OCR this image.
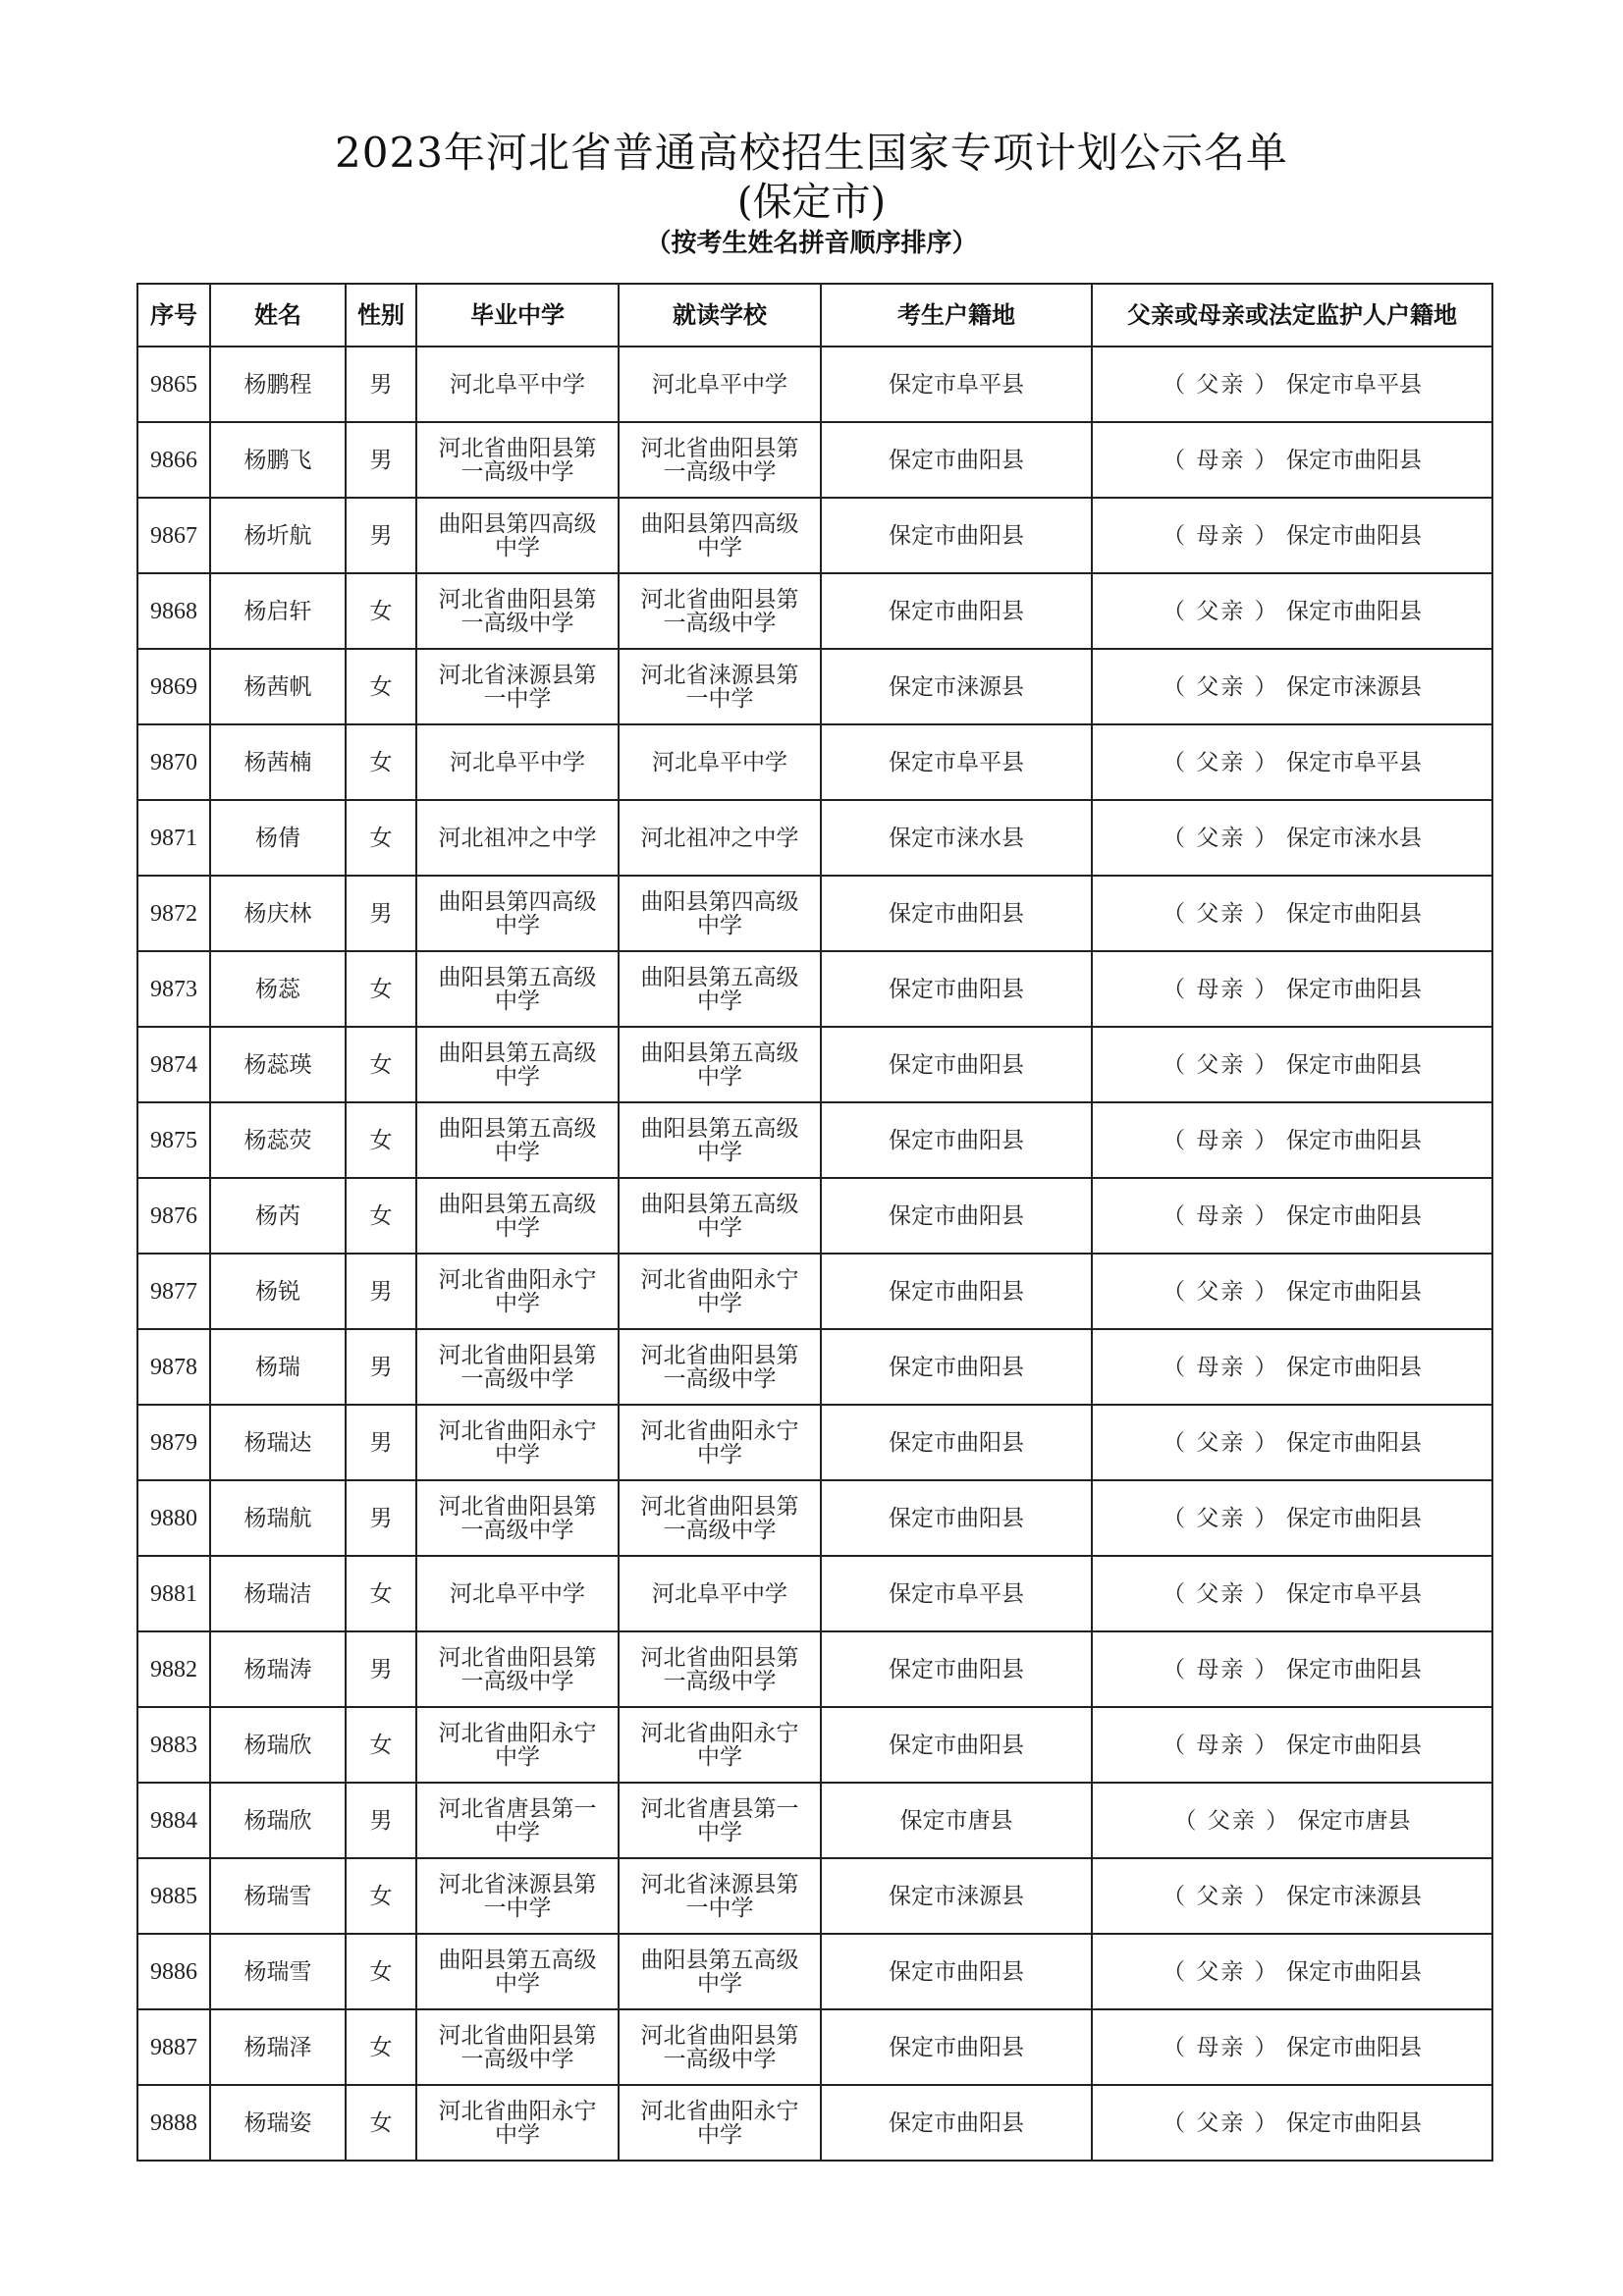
2023年河北省普通高校招生国家专项计划公示名单

(保定市)

（按考生姓名拼音顺序排序）

序号	姓名	性别	毕业中学	就读学校	考生户籍地	父亲或母亲或法定监护人户籍地
9865	杨鹏程	男	河北阜平中学	河北阜平中学	保定市阜平县	（ 父亲 ） 保定市阜平县
9866	杨鹏飞	男	河北省曲阳县第
一高级中学	河北省曲阳县第
一高级中学	保定市曲阳县	（ 母亲 ） 保定市曲阳县
9867	杨圻航	男	曲阳县第四高级
中学	曲阳县第四高级
中学	保定市曲阳县	（ 母亲 ） 保定市曲阳县
9868	杨启轩	女	河北省曲阳县第
一高级中学	河北省曲阳县第
一高级中学	保定市曲阳县	（ 父亲 ） 保定市曲阳县
9869	杨茜帆	女	河北省涞源县第
一中学	河北省涞源县第
一中学	保定市涞源县	（ 父亲 ） 保定市涞源县
9870	杨茜楠	女	河北阜平中学	河北阜平中学	保定市阜平县	（ 父亲 ） 保定市阜平县
9871	杨倩	女	河北祖冲之中学	河北祖冲之中学	保定市涞水县	（ 父亲 ） 保定市涞水县
9872	杨庆林	男	曲阳县第四高级
中学	曲阳县第四高级
中学	保定市曲阳县	（ 父亲 ） 保定市曲阳县
9873	杨蕊	女	曲阳县第五高级
中学	曲阳县第五高级
中学	保定市曲阳县	（ 母亲 ） 保定市曲阳县
9874	杨蕊瑛	女	曲阳县第五高级
中学	曲阳县第五高级
中学	保定市曲阳县	（ 父亲 ） 保定市曲阳县
9875	杨蕊荧	女	曲阳县第五高级
中学	曲阳县第五高级
中学	保定市曲阳县	（ 母亲 ） 保定市曲阳县
9876	杨芮	女	曲阳县第五高级
中学	曲阳县第五高级
中学	保定市曲阳县	（ 母亲 ） 保定市曲阳县
9877	杨锐	男	河北省曲阳永宁
中学	河北省曲阳永宁
中学	保定市曲阳县	（ 父亲 ） 保定市曲阳县
9878	杨瑞	男	河北省曲阳县第
一高级中学	河北省曲阳县第
一高级中学	保定市曲阳县	（ 母亲 ） 保定市曲阳县
9879	杨瑞达	男	河北省曲阳永宁
中学	河北省曲阳永宁
中学	保定市曲阳县	（ 父亲 ） 保定市曲阳县
9880	杨瑞航	男	河北省曲阳县第
一高级中学	河北省曲阳县第
一高级中学	保定市曲阳县	（ 父亲 ） 保定市曲阳县
9881	杨瑞洁	女	河北阜平中学	河北阜平中学	保定市阜平县	（ 父亲 ） 保定市阜平县
9882	杨瑞涛	男	河北省曲阳县第
一高级中学	河北省曲阳县第
一高级中学	保定市曲阳县	（ 母亲 ） 保定市曲阳县
9883	杨瑞欣	女	河北省曲阳永宁
中学	河北省曲阳永宁
中学	保定市曲阳县	（ 母亲 ） 保定市曲阳县
9884	杨瑞欣	男	河北省唐县第一
中学	河北省唐县第一
中学	保定市唐县	（ 父亲 ） 保定市唐县
9885	杨瑞雪	女	河北省涞源县第
一中学	河北省涞源县第
一中学	保定市涞源县	（ 父亲 ） 保定市涞源县
9886	杨瑞雪	女	曲阳县第五高级
中学	曲阳县第五高级
中学	保定市曲阳县	（ 父亲 ） 保定市曲阳县
9887	杨瑞泽	女	河北省曲阳县第
一高级中学	河北省曲阳县第
一高级中学	保定市曲阳县	（ 母亲 ） 保定市曲阳县
9888	杨瑞姿	女	河北省曲阳永宁
中学	河北省曲阳永宁
中学	保定市曲阳县	（ 父亲 ） 保定市曲阳县
